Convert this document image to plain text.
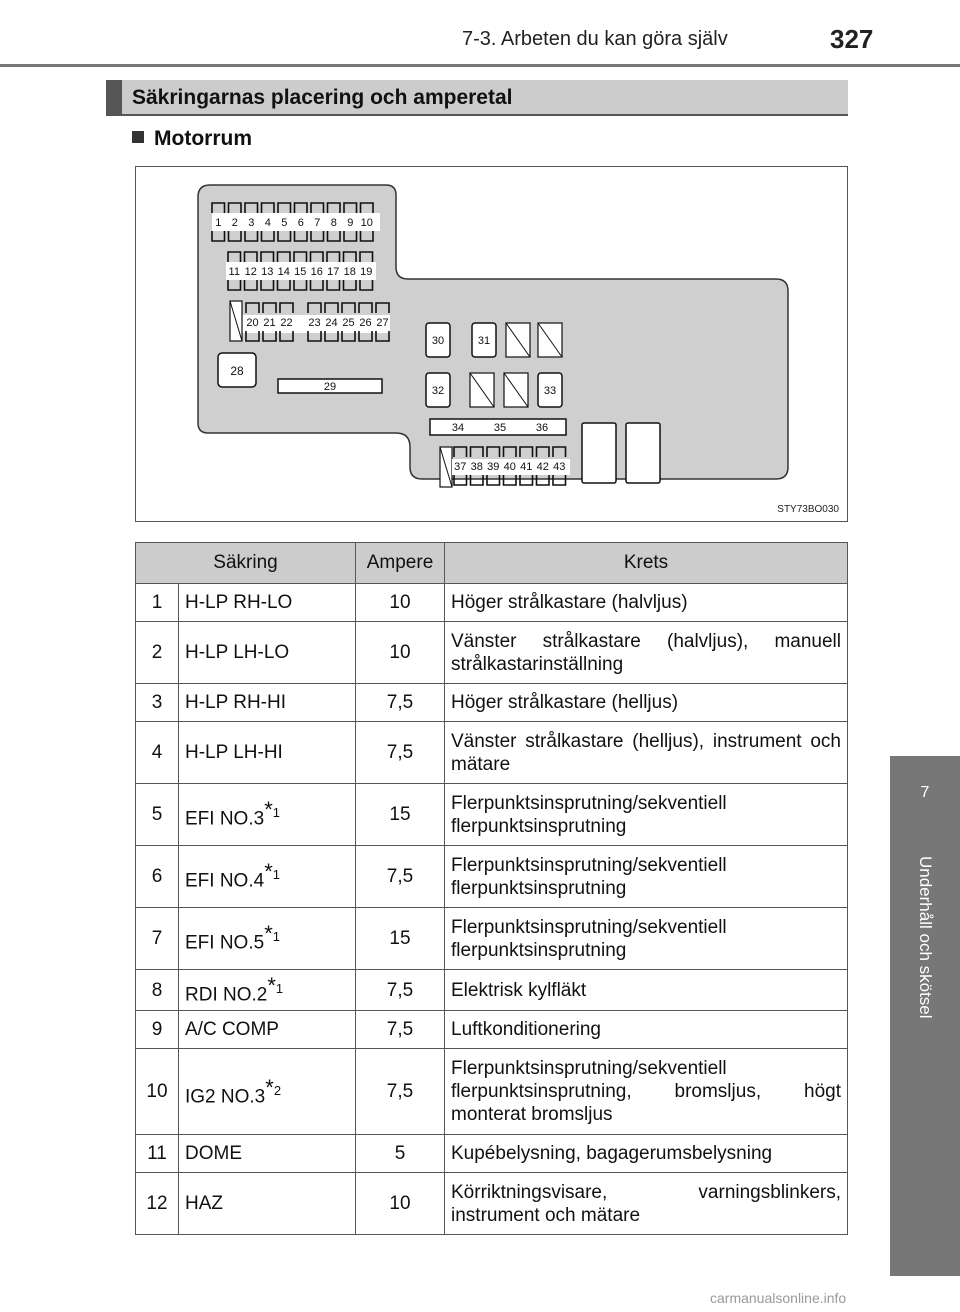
7-3. Arbeten du kan göra själv	327
7
Underhåll och skötsel
Säkringarnas placering och amperetal
Motorrum
1 2 3 4 5 6 7 8 9 10
11 12 13 14 15 16 17 18 19
20 21 22 23 24 25 26 27
28
29
30	31
32	33
34	35	36
37 38 39 40 41 42 43
STY73BO030
Säkring		Ampere	Krets
1	H-LP RH-LO	10	Höger strålkastare (halvljus)
2	H-LP LH-LO	10	Vänster strålkastare (halvljus), manuell strålkastarinställning
3	H-LP RH-HI	7,5	Höger strålkastare (helljus)
4	H-LP LH-HI	7,5	Vänster strålkastare (helljus), instrument och mätare
5	EFI NO.3$^{*1}$	15	Flerpunktsinsprutning/sekventiell flerpunktsinsprutning
6	EFI NO.4$^{*1}$	7,5	Flerpunktsinsprutning/sekventiell flerpunktsinsprutning
7	EFI NO.5$^{*1}$	15	Flerpunktsinsprutning/sekventiell flerpunktsinsprutning
8	RDI NO.2$^{*1}$	7,5	Elektrisk kylfläkt
9	A/C COMP	7,5	Luftkonditionering
10	IG2 NO.3$^{*2}$	7,5	Flerpunktsinsprutning/sekventiell flerpunktsinsprutning, bromsljus, högt monterat bromsljus
11	DOME	5	Kupébelysning, bagagerumsbelysning
12	HAZ	10	Körriktningsvisare, varningsblinkers, instrument och mätare
carmanualsonline.info
